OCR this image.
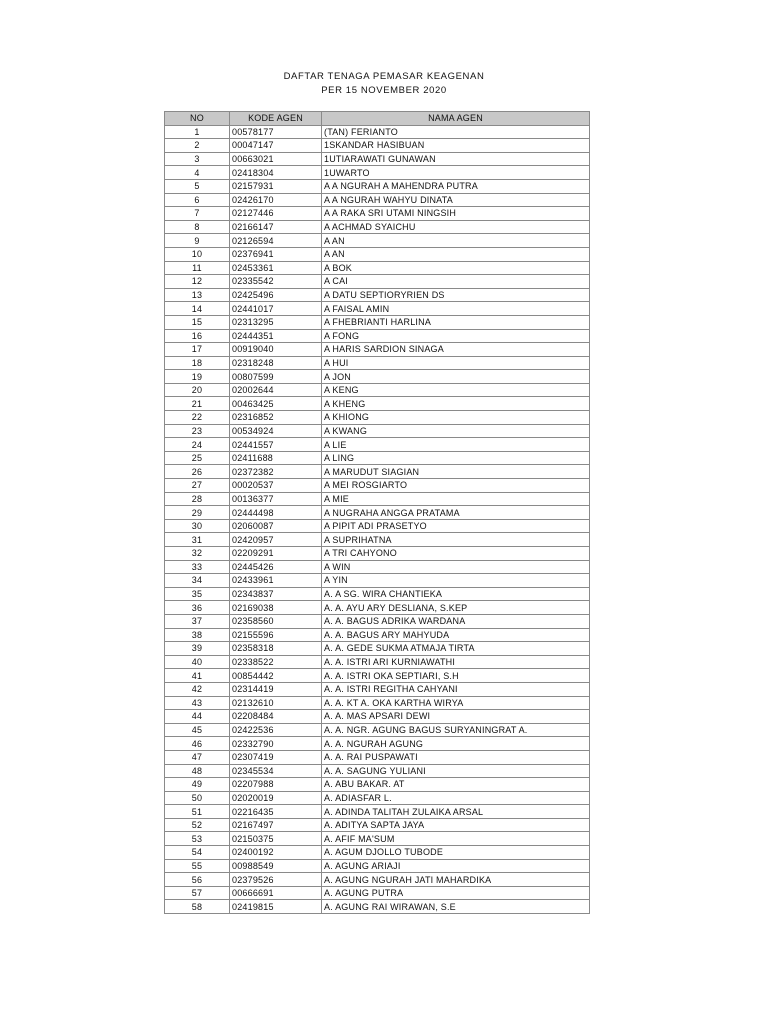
DAFTAR TENAGA PEMASAR KEAGENAN
PER 15 NOVEMBER 2020
NO	KODE AGEN	NAMA AGEN
1	00578177	(TAN) FERIANTO
2	00047147	1SKANDAR HASIBUAN
3	00663021	1UTIARAWATI GUNAWAN
4	02418304	1UWARTO
5	02157931	A A NGURAH A MAHENDRA PUTRA
6	02426170	A A NGURAH WAHYU DINATA
7	02127446	A A RAKA SRI UTAMI NINGSIH
8	02166147	A ACHMAD SYAICHU
9	02126594	A AN
10	02376941	A AN
11	02453361	A BOK
12	02335542	A CAI
13	02425496	A DATU SEPTIORYRIEN DS
14	02441017	A FAISAL AMIN
15	02313295	A FHEBRIANTI HARLINA
16	02444351	A FONG
17	00919040	A HARIS SARDION SINAGA
18	02318248	A HUI
19	00807599	A JON
20	02002644	A KENG
21	00463425	A KHENG
22	02316852	A KHIONG
23	00534924	A KWANG
24	02441557	A LIE
25	02411688	A LING
26	02372382	A MARUDUT SIAGIAN
27	00020537	A MEI ROSGIARTO
28	00136377	A MIE
29	02444498	A NUGRAHA ANGGA PRATAMA
30	02060087	A PIPIT ADI PRASETYO
31	02420957	A SUPRIHATNA
32	02209291	A TRI CAHYONO
33	02445426	A WIN
34	02433961	A YIN
35	02343837	A. A SG. WIRA CHANTIEKA
36	02169038	A. A. AYU ARY DESLIANA, S.KEP
37	02358560	A. A. BAGUS ADRIKA WARDANA
38	02155596	A. A. BAGUS ARY MAHYUDA
39	02358318	A. A. GEDE SUKMA ATMAJA TIRTA
40	02338522	A. A. ISTRI ARI KURNIAWATHI
41	00854442	A. A. ISTRI OKA SEPTIARI, S.H
42	02314419	A. A. ISTRI REGITHA CAHYANI
43	02132610	A. A. KT A. OKA KARTHA WIRYA
44	02208484	A. A. MAS APSARI DEWI
45	02422536	A. A. NGR. AGUNG BAGUS SURYANINGRAT A.
46	02332790	A. A. NGURAH AGUNG
47	02307419	A. A. RAI PUSPAWATI
48	02345534	A. A. SAGUNG YULIANI
49	02207988	A. ABU BAKAR. AT
50	02020019	A. ADIASFAR L.
51	02216435	A. ADINDA TALITAH ZULAIKA ARSAL
52	02167497	A. ADITYA SAPTA JAYA
53	02150375	A. AFIF MA'SUM
54	02400192	A. AGUM DJOLLO TUBODE
55	00988549	A. AGUNG ARIAJI
56	02379526	A. AGUNG NGURAH JATI MAHARDIKA
57	00666691	A. AGUNG PUTRA
58	02419815	A. AGUNG RAI WIRAWAN, S.E
